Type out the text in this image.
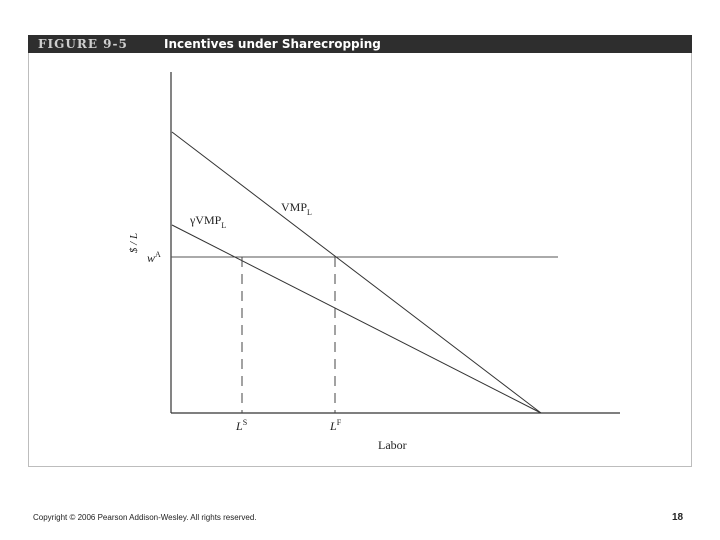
FIGURE 9-5	Incentives under Sharecropping
$ / L
$w^A$
$VMP_L$
γVMP$_L$
$L^S$	$L^F$
Labor
Copyright © 2006 Pearson Addison-Wesley. All rights reserved.	18
